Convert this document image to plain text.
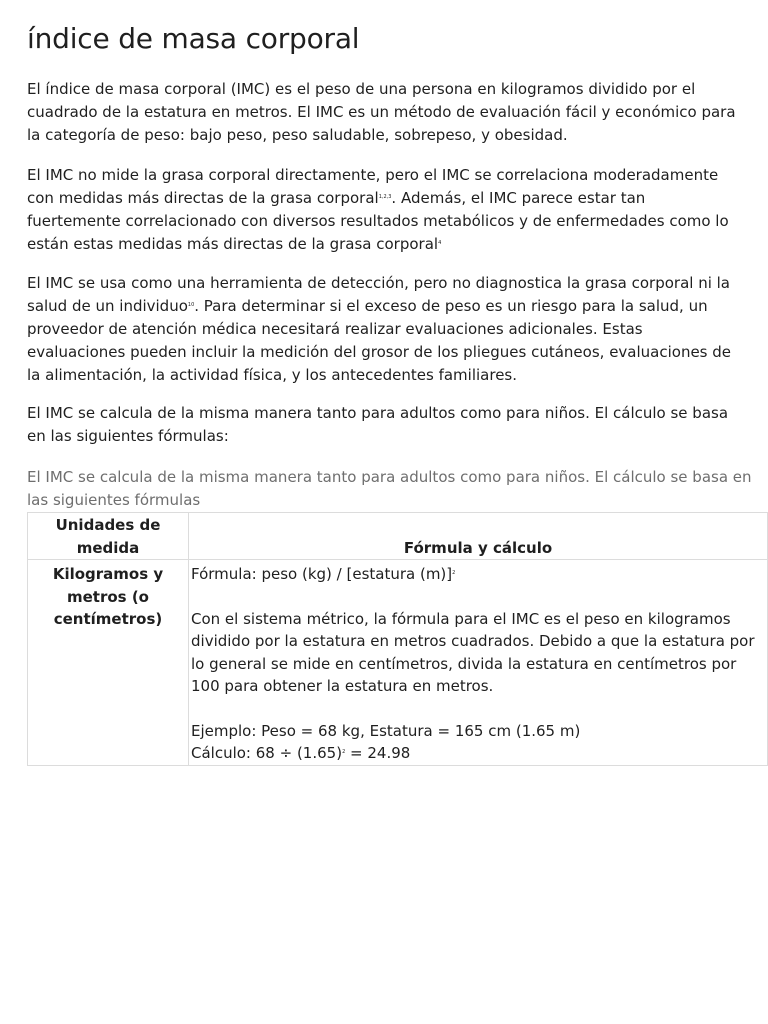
índice de masa corporal

El índice de masa corporal (IMC) es el peso de una persona en kilogramos dividido por el cuadrado de la estatura en metros. El IMC es un método de evaluación fácil y económico para la categoría de peso: bajo peso, peso saludable, sobrepeso, y obesidad.

El IMC no mide la grasa corporal directamente, pero el IMC se correlaciona moderadamente con medidas más directas de la grasa corporal$^{1,2,3}$. Además, el IMC parece estar tan fuertemente correlacionado con diversos resultados metabólicos y de enfermedades como lo están estas medidas más directas de la grasa corporal$^4$

El IMC se usa como una herramienta de detección, pero no diagnostica la grasa corporal ni la salud de un individuo$^{10}$. Para determinar si el exceso de peso es un riesgo para la salud, un proveedor de atención médica necesitará realizar evaluaciones adicionales. Estas evaluaciones pueden incluir la medición del grosor de los pliegues cutáneos, evaluaciones de la alimentación, la actividad física, y los antecedentes familiares.

El IMC se calcula de la misma manera tanto para adultos como para niños. El cálculo se basa en las siguientes fórmulas:

El IMC se calcula de la misma manera tanto para adultos como para niños. El cálculo se basa en las siguientes fórmulas

Unidades de medida	Fórmula y cálculo
Kilogramos y metros (o centímetros)	Fórmula: peso (kg) / [estatura (m)]$^2$
Con el sistema métrico, la fórmula para el IMC es el peso en kilogramos dividido por la estatura en metros cuadrados. Debido a que la estatura por lo general se mide en centímetros, divida la estatura en centímetros por 100 para obtener la estatura en metros.
Ejemplo: Peso = 68 kg, Estatura = 165 cm (1.65 m)
Cálculo: $68 \div (1.65)^2 = 24.98$
